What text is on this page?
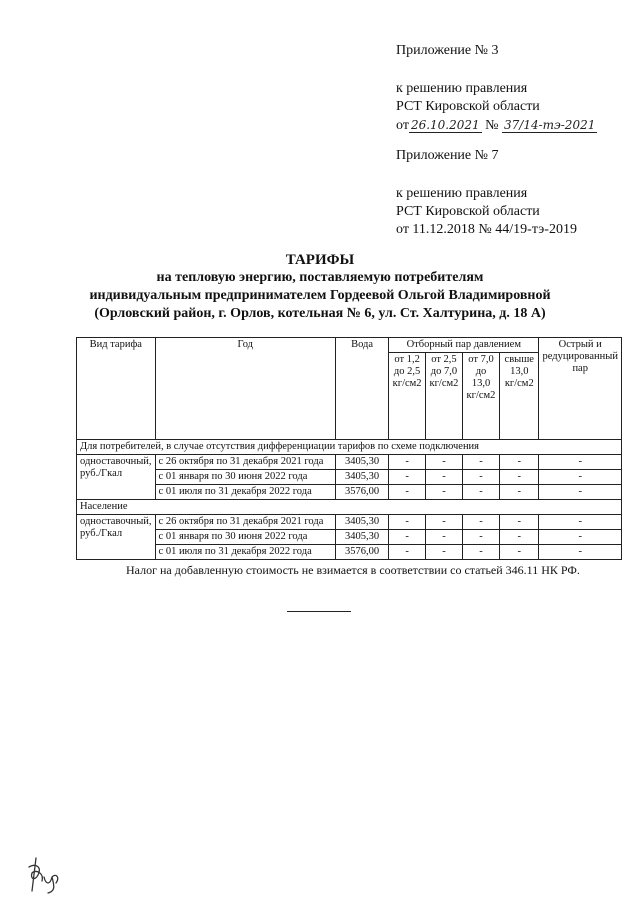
Приложение № 3

к решению правления

РСТ Кировской области

от 26.10.2021 № 37/14-тэ-2021

Приложение № 7

к решению правления

РСТ Кировской области

от 11.12.2018 № 44/19-тэ-2019

ТАРИФЫ
на тепловую энергию, поставляемую потребителям
индивидуальным предпринимателем Гордеевой Ольгой Владимировной
(Орловский район, г. Орлов, котельная № 6, ул. Ст. Халтурина, д. 18 А)
Вид тарифа	Год	Вода	Отборный пар давлением				Острый и редуцированный пар
			от 1,2 до 2,5 кг/см2	от 2,5 до 7,0 кг/см2	от 7,0 до 13,0 кг/см2	свыше 13,0 кг/см2	
Для потребителей, в случае отсутствия дифференциации тарифов по схеме подключения							
одноставочный, руб./Гкал	с 26 октября по 31 декабря 2021 года	3405,30	-	-	-	-	-
	с 01 января по 30 июня 2022 года	3405,30	-	-	-	-	-
	с 01 июля по 31 декабря 2022 года	3576,00	-	-	-	-	-
Население							
одноставочный, руб./Гкал	с 26 октября по 31 декабря 2021 года	3405,30	-	-	-	-	-
	с 01 января по 30 июня 2022 года	3405,30	-	-	-	-	-
	с 01 июля по 31 декабря 2022 года	3576,00	-	-	-	-	-

Налог на добавленную стоимость не взимается в соответствии со статьей 346.11 НК РФ.
